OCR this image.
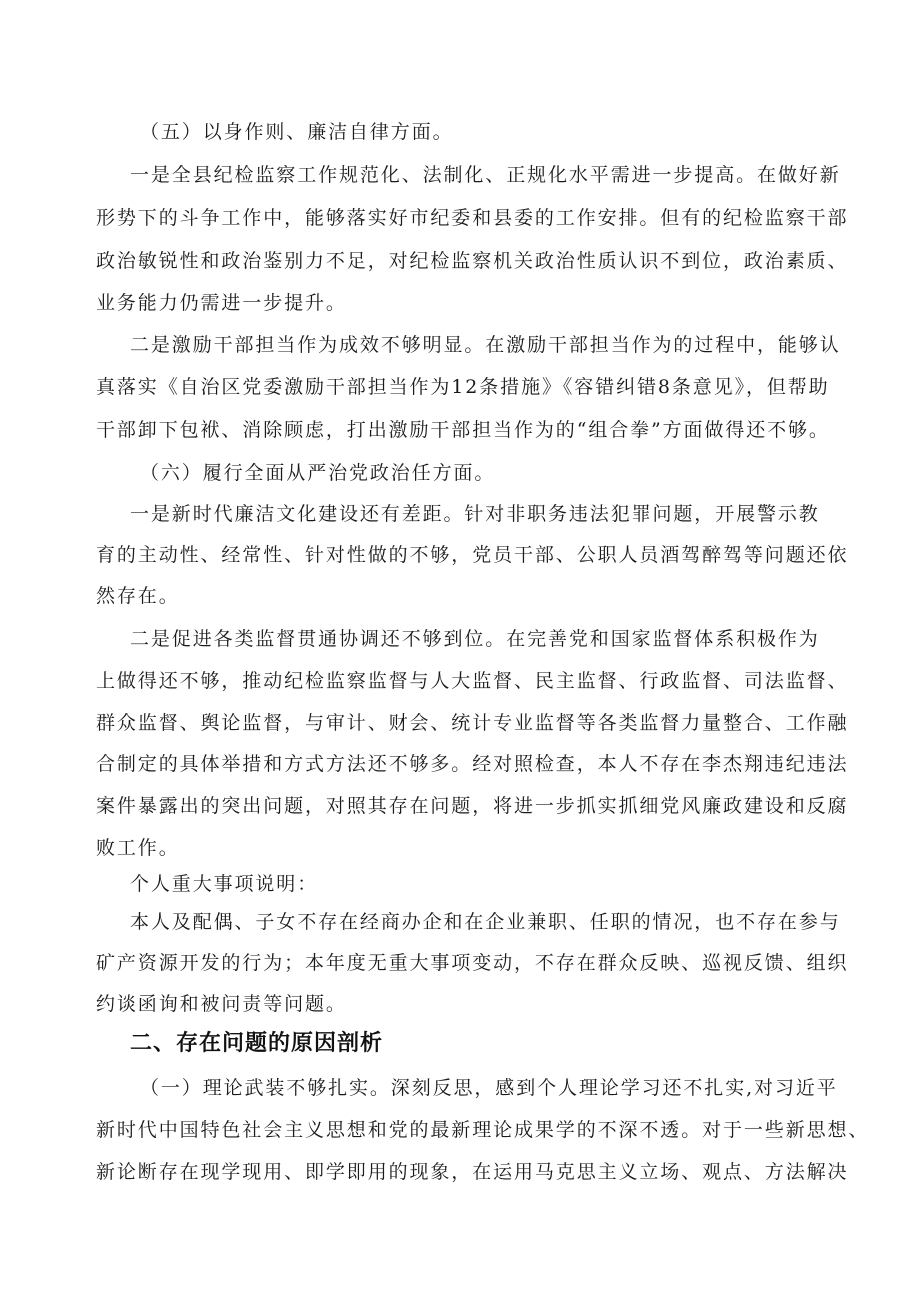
（五）以身作则、廉洁自律方面。
一是全县纪检监察工作规范化、法制化、正规化水平需进一步提高。在做好新
形势下的斗争工作中，能够落实好市纪委和县委的工作安排。但有的纪检监察干部
政治敏锐性和政治鉴别力不足，对纪检监察机关政治性质认识不到位，政治素质、
业务能力仍需进一步提升。
二是激励干部担当作为成效不够明显。在激励干部担当作为的过程中，能够认
真落实《自治区党委激励干部担当作为12条措施》《容错纠错8条意见》，但帮助
干部卸下包袱、消除顾虑，打出激励干部担当作为的“组合拳”方面做得还不够。
（六）履行全面从严治党政治任方面。
一是新时代廉洁文化建设还有差距。针对非职务违法犯罪问题，开展警示教
育的主动性、经常性、针对性做的不够，党员干部、公职人员酒驾醉驾等问题还依
然存在。
二是促进各类监督贯通协调还不够到位。在完善党和国家监督体系积极作为
上做得还不够，推动纪检监察监督与人大监督、民主监督、行政监督、司法监督、
群众监督、舆论监督，与审计、财会、统计专业监督等各类监督力量整合、工作融
合制定的具体举措和方式方法还不够多。经对照检查，本人不存在李杰翔违纪违法
案件暴露出的突出问题，对照其存在问题，将进一步抓实抓细党风廉政建设和反腐
败工作。
个人重大事项说明：
本人及配偶、子女不存在经商办企和在企业兼职、任职的情况，也不存在参与
矿产资源开发的行为；本年度无重大事项变动，不存在群众反映、巡视反馈、组织
约谈函询和被问责等问题。
二、存在问题的原因剖析
（一）理论武装不够扎实。深刻反思，感到个人理论学习还不扎实,对习近平
新时代中国特色社会主义思想和党的最新理论成果学的不深不透。对于一些新思想、
新论断存在现学现用、即学即用的现象，在运用马克思主义立场、观点、方法解决
